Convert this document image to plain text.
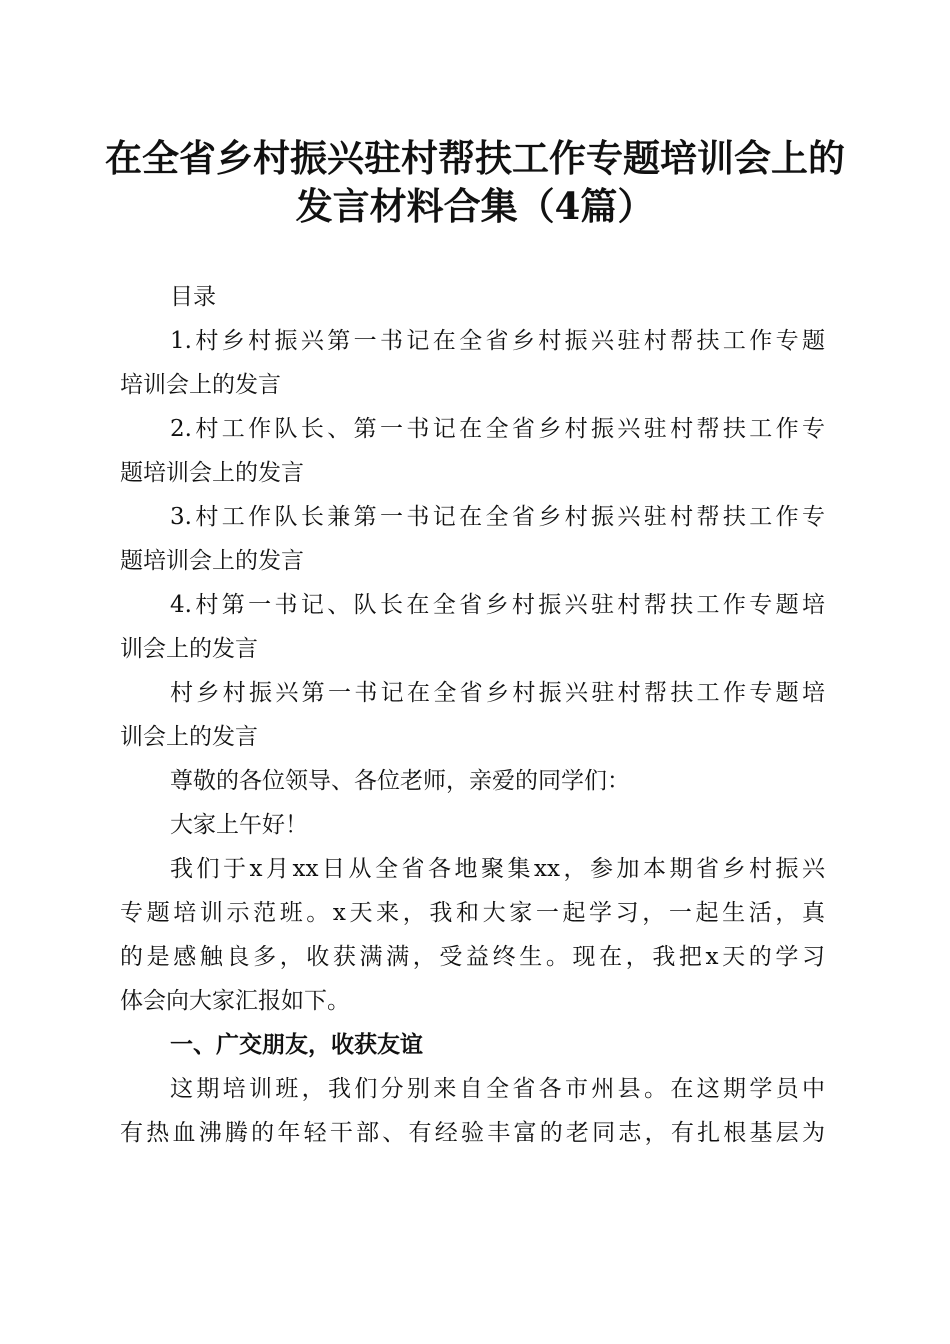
在全省乡村振兴驻村帮扶工作专题培训会上的
发言材料合集（4篇）

目录

1.村乡村振兴第一书记在全省乡村振兴驻村帮扶工作专题
培训会上的发言

2.村工作队长、第一书记在全省乡村振兴驻村帮扶工作专
题培训会上的发言

3.村工作队长兼第一书记在全省乡村振兴驻村帮扶工作专
题培训会上的发言

4.村第一书记、队长在全省乡村振兴驻村帮扶工作专题培
训会上的发言

村乡村振兴第一书记在全省乡村振兴驻村帮扶工作专题培
训会上的发言

尊敬的各位领导、各位老师，亲爱的同学们：

大家上午好！

我们于x月xx日从全省各地聚集xx，参加本期省乡村振兴
专题培训示范班。x天来，我和大家一起学习，一起生活，真
的是感触良多，收获满满，受益终生。现在，我把x天的学习
体会向大家汇报如下。

一、广交朋友，收获友谊

这期培训班，我们分别来自全省各市州县。在这期学员中
有热血沸腾的年轻干部、有经验丰富的老同志，有扎根基层为
